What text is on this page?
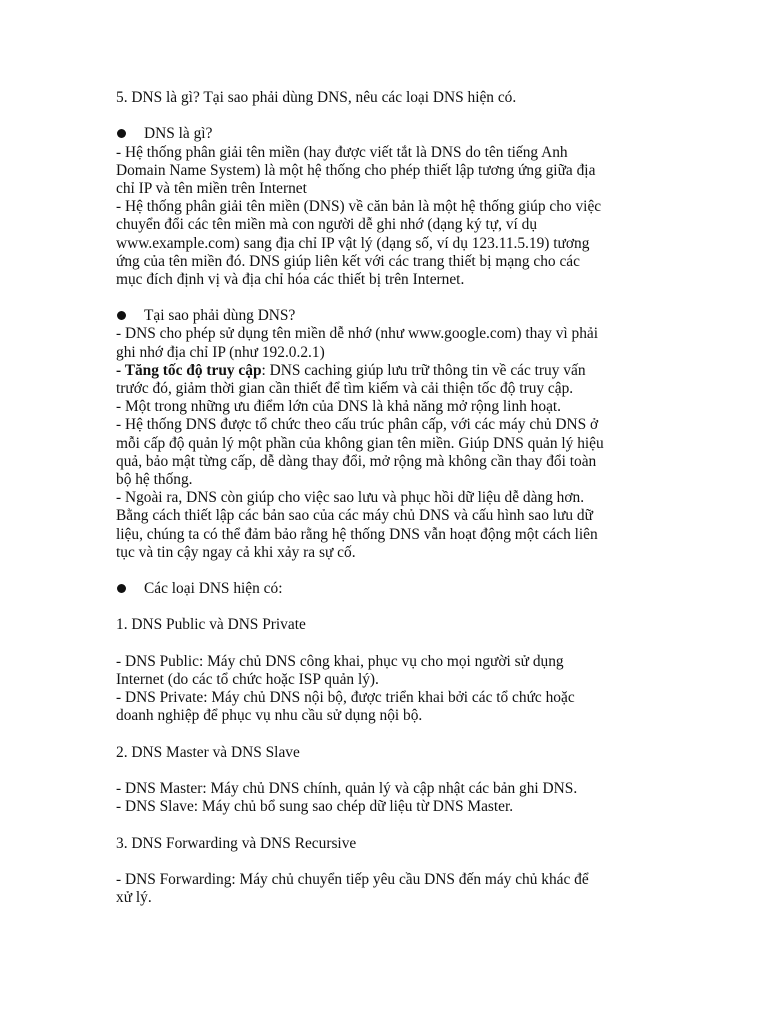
5. DNS là gì? Tại sao phải dùng DNS, nêu các loại DNS hiện có.
DNS là gì?
- Hệ thống phân giải tên miền (hay được viết tắt là DNS do tên tiếng Anh
Domain Name System) là một hệ thống cho phép thiết lập tương ứng giữa địa
chỉ IP và tên miền trên Internet
- Hệ thống phân giải tên miền (DNS) về căn bản là một hệ thống giúp cho việc
chuyển đổi các tên miền mà con người dễ ghi nhớ (dạng ký tự, ví dụ
www.example.com) sang địa chỉ IP vật lý (dạng số, ví dụ 123.11.5.19) tương
ứng của tên miền đó. DNS giúp liên kết với các trang thiết bị mạng cho các
mục đích định vị và địa chỉ hóa các thiết bị trên Internet.
Tại sao phải dùng DNS?
- DNS cho phép sử dụng tên miền dễ nhớ (như www.google.com) thay vì phải
ghi nhớ địa chỉ IP (như 192.0.2.1)
- Tăng tốc độ truy cập: DNS caching giúp lưu trữ thông tin về các truy vấn
trước đó, giảm thời gian cần thiết để tìm kiếm và cải thiện tốc độ truy cập.
- Một trong những ưu điểm lớn của DNS là khả năng mở rộng linh hoạt.
- Hệ thống DNS được tổ chức theo cấu trúc phân cấp, với các máy chủ DNS ở
mỗi cấp độ quản lý một phần của không gian tên miền. Giúp DNS quản lý hiệu
quả, bảo mật từng cấp, dễ dàng thay đổi, mở rộng mà không cần thay đổi toàn
bộ hệ thống.
- Ngoài ra, DNS còn giúp cho việc sao lưu và phục hồi dữ liệu dễ dàng hơn.
Bằng cách thiết lập các bản sao của các máy chủ DNS và cấu hình sao lưu dữ
liệu, chúng ta có thể đảm bảo rằng hệ thống DNS vẫn hoạt động một cách liên
tục và tin cậy ngay cả khi xảy ra sự cố.
Các loại DNS hiện có:
1. DNS Public và DNS Private
- DNS Public: Máy chủ DNS công khai, phục vụ cho mọi người sử dụng
Internet (do các tổ chức hoặc ISP quản lý).
- DNS Private: Máy chủ DNS nội bộ, được triển khai bởi các tổ chức hoặc
doanh nghiệp để phục vụ nhu cầu sử dụng nội bộ.
2. DNS Master và DNS Slave
- DNS Master: Máy chủ DNS chính, quản lý và cập nhật các bản ghi DNS.
- DNS Slave: Máy chủ bổ sung sao chép dữ liệu từ DNS Master.
3. DNS Forwarding và DNS Recursive
- DNS Forwarding: Máy chủ chuyển tiếp yêu cầu DNS đến máy chủ khác để
xử lý.
